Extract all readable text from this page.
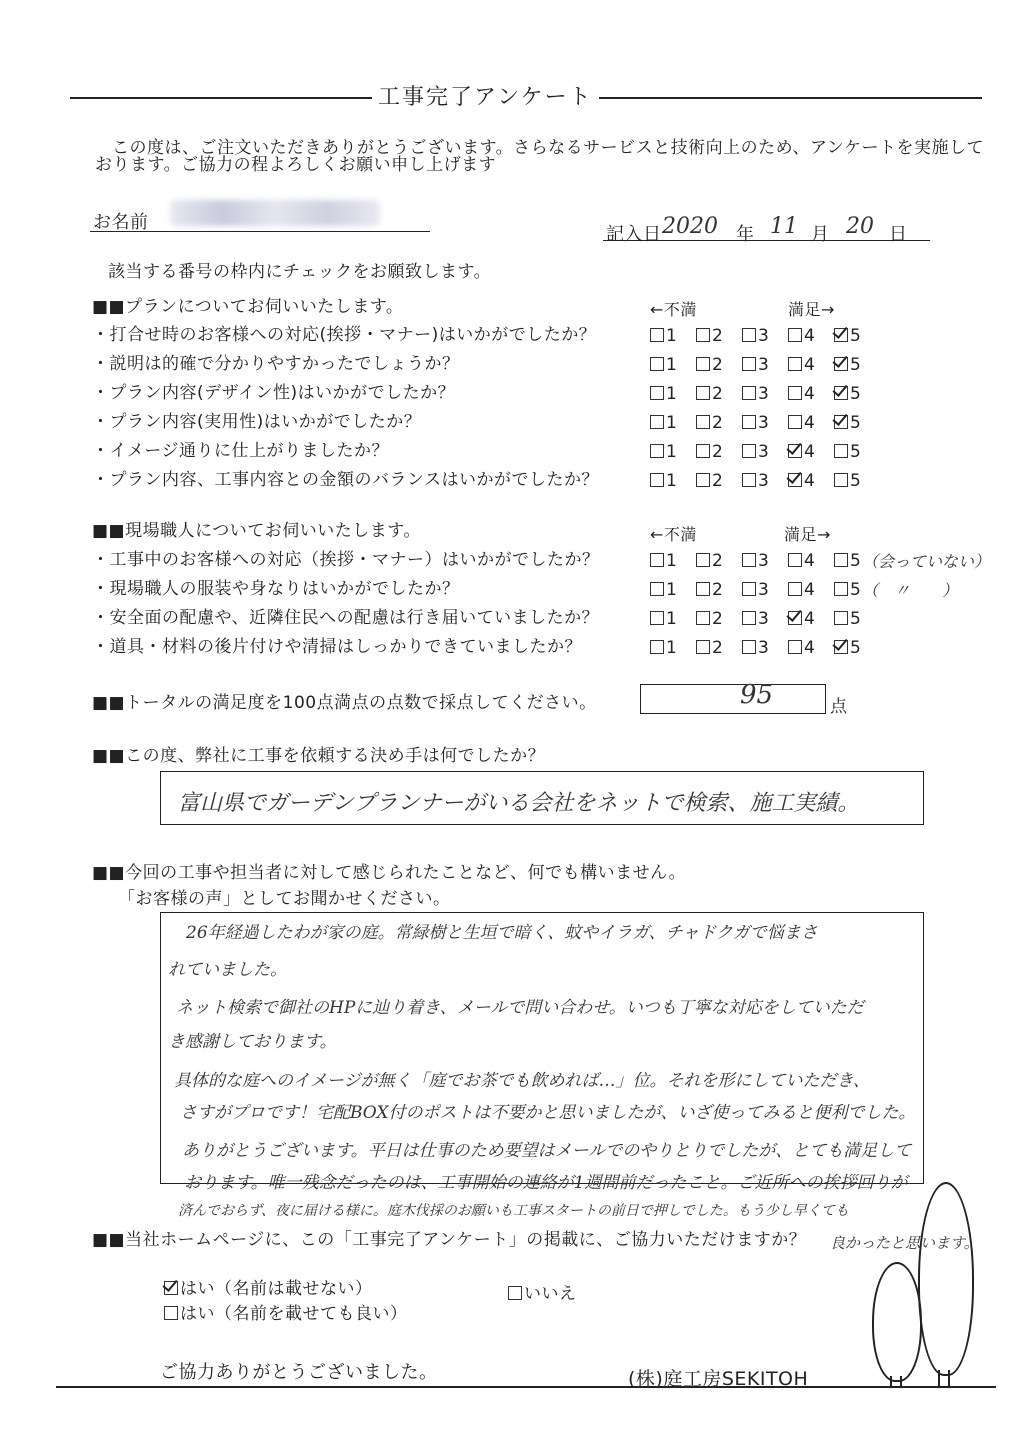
工事完了アンケート
この度は、ご注文いただきありがとうございます。さらなるサービスと技術向上のため、アンケートを実施して
おります。ご協力の程よろしくお願い申し上げます
お名前
記入日 2020 年 11 月 20 日
該当する番号の枠内にチェックをお願致します。
■■プランについてお伺いいたします。	←不満	満足→
・打合せ時のお客様への対応(挨拶・マナー)はいかがでしたか？	1	2	3	4	5
・説明は的確で分かりやすかったでしょうか？	1	2	3	4	5
・プラン内容(デザイン性)はいかがでしたか？	1	2	3	4	5
・プラン内容(実用性)はいかがでしたか？	1	2	3	4	5
・イメージ通りに仕上がりましたか？	1	2	3	4	5
・プラン内容、工事内容との金額のバランスはいかがでしたか？	1	2	3	4	5
■■現場職人についてお伺いいたします。	←不満	満足→
・工事中のお客様への対応（挨拶・マナー）はいかがでしたか？	1	2	3	4	5 （会っていない）
・現場職人の服装や身なりはいかがでしたか？	1	2	3	4	5 （　〃　　）
・安全面の配慮や、近隣住民への配慮は行き届いていましたか？	1	2	3	4	5
・道具・材料の後片付けや清掃はしっかりできていましたか？	1	2	3	4	5
■■トータルの満足度を100点満点の点数で採点してください。	95	点
■■この度、弊社に工事を依頼する決め手は何でしたか？
富山県でガーデンプランナーがいる会社をネットで検索、施工実績。
■■今回の工事や担当者に対して感じられたことなど、何でも構いません。
「お客様の声」としてお聞かせください。
26年経過したわが家の庭。常緑樹と生垣で暗く、蚊やイラガ、チャドクガで悩まさ
れていました。
ネット検索で御社のHPに辿り着き、メールで問い合わせ。いつも丁寧な対応をしていただ
き感謝しております。
具体的な庭へのイメージが無く「庭でお茶でも飲めれば…」位。それを形にしていただき、
さすがプロです！宅配BOX付のポストは不要かと思いましたが、いざ使ってみると便利でした。
ありがとうございます。平日は仕事のため要望はメールでのやりとりでしたが、とても満足して
おります。唯一残念だったのは、工事開始の連絡が1週間前だったこと。ご近所への挨拶回りが
済んでおらず、夜に届ける様に。庭木伐採のお願いも工事スタートの前日で押しでした。もう少し早くても
良かったと思います。
■■当社ホームページに、この「工事完了アンケート」の掲載に、ご協力いただけますか？
はい（名前は載せない）
はい（名前を載せても良い）
いいえ
ご協力ありがとうございました。	(株)庭工房SEKITOH
